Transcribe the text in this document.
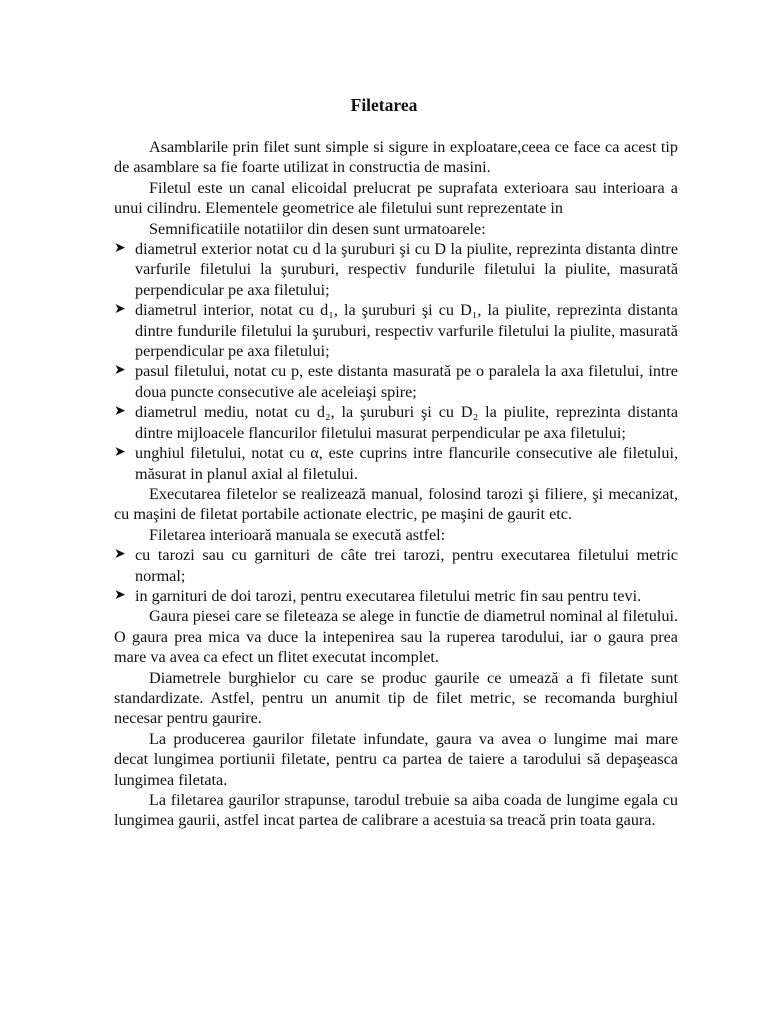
Filetarea

Asamblarile prin filet sunt simple si sigure in exploatare,ceea ce face ca acest tip de asamblare sa fie foarte utilizat in constructia de masini.

Filetul este un canal elicoidal prelucrat pe suprafata exterioara sau interioara a unui cilindru. Elementele geometrice ale filetului sunt reprezentate in

Semnificatiile notatiilor din desen sunt urmatoarele:

➤ diametrul exterior notat cu d la şuruburi şi cu D la piulite, reprezinta distanta dintre varfurile filetului la şuruburi, respectiv fundurile filetului la piulite, masurată perpendicular pe axa filetului;
➤ diametrul interior, notat cu d₁, la şuruburi şi cu D₁, la piulite, reprezinta distanta dintre fundurile filetului la şuruburi, respectiv varfurile filetului la piulite, masurată perpendicular pe axa filetului;
➤ pasul filetului, notat cu p, este distanta masurată pe o paralela la axa filetului, intre doua puncte consecutive ale aceleiaşi spire;
➤ diametrul mediu, notat cu d₂, la şuruburi şi cu D₂ la piulite, reprezinta distanta dintre mijloacele flancurilor filetului masurat perpendicular pe axa filetului;
➤ unghiul filetului, notat cu α, este cuprins intre flancurile consecutive ale filetului, măsurat in planul axial al filetului.

Executarea filetelor se realizează manual, folosind tarozi şi filiere, şi mecanizat, cu maşini de filetat portabile actionate electric, pe maşini de gaurit etc.

Filetarea interioară manuala se execută astfel:

➤ cu tarozi sau cu garnituri de câte trei tarozi, pentru executarea filetului metric normal;
➤ in garnituri de doi tarozi, pentru executarea filetului metric fin sau pentru tevi.

Gaura piesei care se fileteaza se alege in functie de diametrul nominal al filetului. O gaura prea mica va duce la intepenirea sau la ruperea tarodului, iar o gaura prea mare va avea ca efect un flitet executat incomplet.

Diametrele burghielor cu care se produc gaurile ce umează a fi filetate sunt standardizate. Astfel, pentru un anumit tip de filet metric, se recomanda burghiul necesar pentru gaurire.

La producerea gaurilor filetate infundate, gaura va avea o lungime mai mare decat lungimea portiunii filetate, pentru ca partea de taiere a tarodului să depaşeasca lungimea filetata.

La filetarea gaurilor strapunse, tarodul trebuie sa aiba coada de lungime egala cu lungimea gaurii, astfel incat partea de calibrare a acestuia sa treacă prin toata gaura.
